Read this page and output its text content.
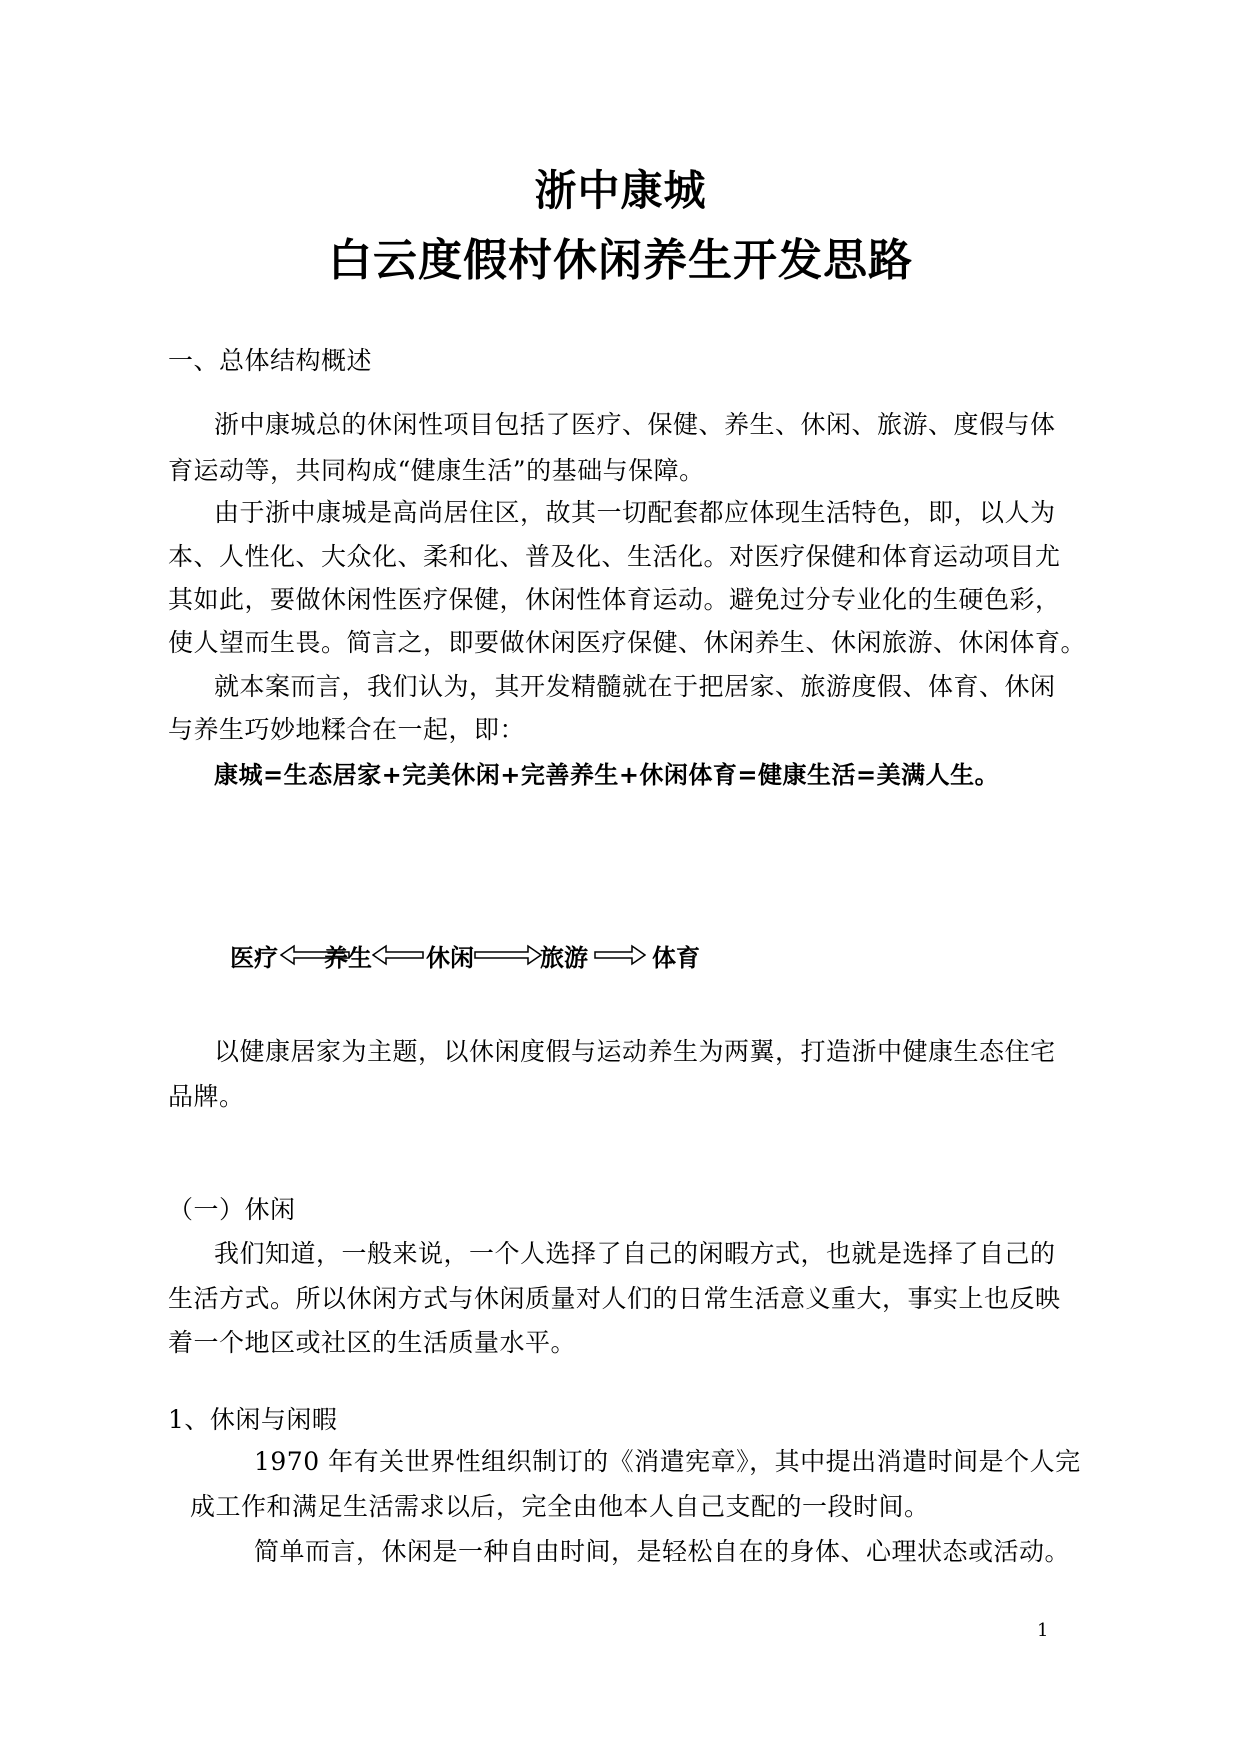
浙中康城
白云度假村休闲养生开发思路
一、总体结构概述
浙中康城总的休闲性项目包括了医疗、保健、养生、休闲、旅游、度假与体
育运动等，共同构成“健康生活”的基础与保障。
由于浙中康城是高尚居住区，故其一切配套都应体现生活特色，即，以人为
本、人性化、大众化、柔和化、普及化、生活化。对医疗保健和体育运动项目尤
其如此，要做休闲性医疗保健，休闲性体育运动。避免过分专业化的生硬色彩，
使人望而生畏。简言之，即要做休闲医疗保健、休闲养生、休闲旅游、休闲体育。
就本案而言，我们认为，其开发精髓就在于把居家、旅游度假、体育、休闲
与养生巧妙地糅合在一起，即：
康城=生态居家+完美休闲+完善养生+休闲体育=健康生活=美满人生。
医疗 养生 休闲	旅游	体育
以健康居家为主题，以休闲度假与运动养生为两翼，打造浙中健康生态住宅
品牌。
（一）休闲
我们知道，一般来说，一个人选择了自己的闲暇方式，也就是选择了自己的
生活方式。所以休闲方式与休闲质量对人们的日常生活意义重大，事实上也反映
着一个地区或社区的生活质量水平。
1、休闲与闲暇
1970 年有关世界性组织制订的《消遣宪章》，其中提出消遣时间是个人完
成工作和满足生活需求以后，完全由他本人自己支配的一段时间。
简单而言，休闲是一种自由时间，是轻松自在的身体、心理状态或活动。
1
